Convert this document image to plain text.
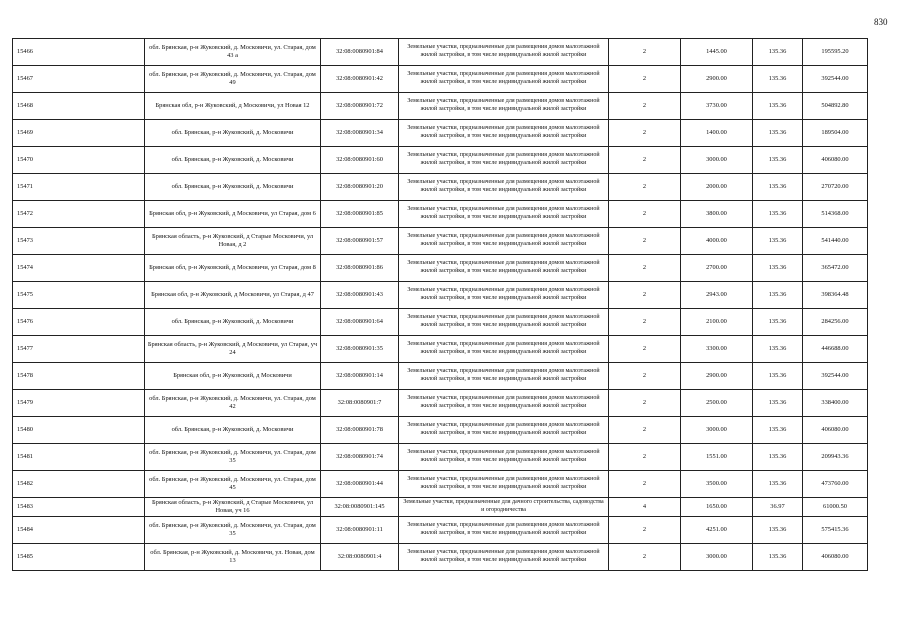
830
15466	обл. Брянская, р-н Жуковский, д. Московичи, ул. Старая, дом 43 а	32:08:0080901:84	Земельные участки, предназначенные для размещения домов малоэтажной жилой застройки, в том числе индивидуальной жилой застройки	2	1445.00	135.36	195595.20
15467	обл. Брянская, р-н Жуковский, д. Московичи, ул. Старая, дом 49	32:08:0080901:42	Земельные участки, предназначенные для размещения домов малоэтажной жилой застройки, в том числе индивидуальной жилой застройки	2	2900.00	135.36	392544.00
15468	Брянская обл, р-н Жуковский, д Московичи, ул Новая 12	32:08:0080901:72	Земельные участки, предназначенные для размещения домов малоэтажной жилой застройки, в том числе индивидуальной жилой застройки	2	3730.00	135.36	504892.80
15469	обл. Брянская, р-н Жуковский, д. Московичи	32:08:0080901:34	Земельные участки, предназначенные для размещения домов малоэтажной жилой застройки, в том числе индивидуальной жилой застройки	2	1400.00	135.36	189504.00
15470	обл. Брянская, р-н Жуковский, д. Московичи	32:08:0080901:60	Земельные участки, предназначенные для размещения домов малоэтажной жилой застройки, в том числе индивидуальной жилой застройки	2	3000.00	135.36	406080.00
15471	обл. Брянская, р-н Жуковский, д. Московичи	32:08:0080901:20	Земельные участки, предназначенные для размещения домов малоэтажной жилой застройки, в том числе индивидуальной жилой застройки	2	2000.00	135.36	270720.00
15472	Брянская обл, р-н Жуковский, д Московичи, ул Старая, дом 6	32:08:0080901:85	Земельные участки, предназначенные для размещения домов малоэтажной жилой застройки, в том числе индивидуальной жилой застройки	2	3800.00	135.36	514368.00
15473	Брянская область, р-н Жуковский, д Старые Московичи, ул Новая, д 2	32:08:0080901:57	Земельные участки, предназначенные для размещения домов малоэтажной жилой застройки, в том числе индивидуальной жилой застройки	2	4000.00	135.36	541440.00
15474	Брянская обл, р-н Жуковский, д Московичи, ул Старая, дом 8	32:08:0080901:86	Земельные участки, предназначенные для размещения домов малоэтажной жилой застройки, в том числе индивидуальной жилой застройки	2	2700.00	135.36	365472.00
15475	Брянская обл, р-н Жуковский, д Московичи, ул Старая, д 47	32:08:0080901:43	Земельные участки, предназначенные для размещения домов малоэтажной жилой застройки, в том числе индивидуальной жилой застройки	2	2943.00	135.36	398364.48
15476	обл. Брянская, р-н Жуковский, д. Московичи	32:08:0080901:64	Земельные участки, предназначенные для размещения домов малоэтажной жилой застройки, в том числе индивидуальной жилой застройки	2	2100.00	135.36	284256.00
15477	Брянская область, р-н Жуковский, д Московичи, ул Старая, уч 24	32:08:0080901:35	Земельные участки, предназначенные для размещения домов малоэтажной жилой застройки, в том числе индивидуальной жилой застройки	2	3300.00	135.36	446688.00
15478	Брянская обл, р-н Жуковский, д Московичи	32:08:0080901:14	Земельные участки, предназначенные для размещения домов малоэтажной жилой застройки, в том числе индивидуальной жилой застройки	2	2900.00	135.36	392544.00
15479	обл. Брянская, р-н Жуковский, д. Московичи, ул. Старая, дом 42	32:08:0080901:7	Земельные участки, предназначенные для размещения домов малоэтажной жилой застройки, в том числе индивидуальной жилой застройки	2	2500.00	135.36	338400.00
15480	обл. Брянская, р-н Жуковский, д. Московичи	32:08:0080901:78	Земельные участки, предназначенные для размещения домов малоэтажной жилой застройки, в том числе индивидуальной жилой застройки	2	3000.00	135.36	406080.00
15481	обл. Брянская, р-н Жуковский, д. Московичи, ул. Старая, дом 35	32:08:0080901:74	Земельные участки, предназначенные для размещения домов малоэтажной жилой застройки, в том числе индивидуальной жилой застройки	2	1551.00	135.36	209943.36
15482	обл. Брянская, р-н Жуковский, д. Московичи, ул. Старая, дом 45	32:08:0080901:44	Земельные участки, предназначенные для размещения домов малоэтажной жилой застройки, в том числе индивидуальной жилой застройки	2	3500.00	135.36	473760.00
15483	Брянская область, р-н Жуковский, д Старые Московичи, ул Новая, уч 16	32:08:0080901:145	Земельные участки, предназначенные для дачного строительства, садоводства и огородничества	4	1650.00	36.97	61000.50
15484	обл. Брянская, р-н Жуковский, д. Московичи, ул. Старая, дом 35	32:08:0080901:11	Земельные участки, предназначенные для размещения домов малоэтажной жилой застройки, в том числе индивидуальной жилой застройки	2	4251.00	135.36	575415.36
15485	обл. Брянская, р-н Жуковский, д. Московичи, ул. Новая, дом 13	32:08:0080901:4	Земельные участки, предназначенные для размещения домов малоэтажной жилой застройки, в том числе индивидуальной жилой застройки	2	3000.00	135.36	406080.00
